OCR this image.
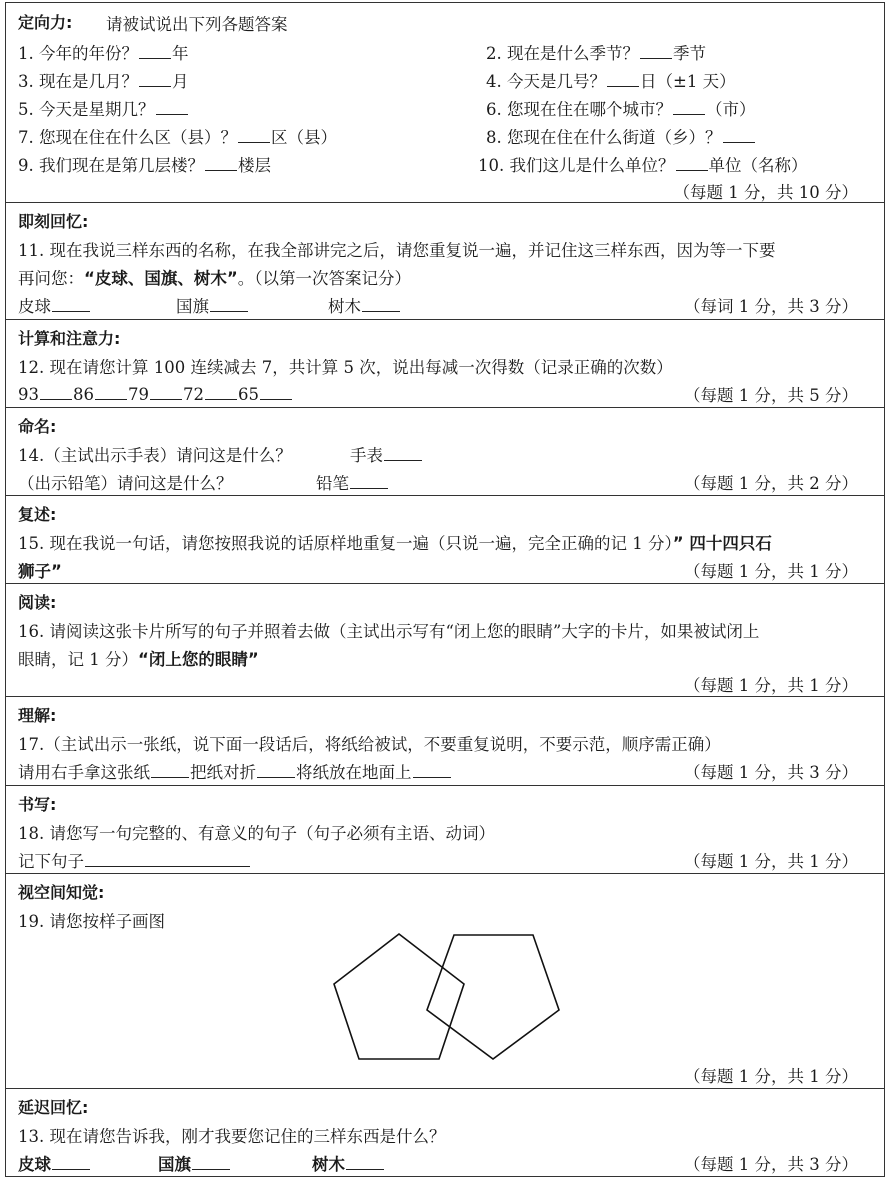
定向力: 请被试说出下列各题答案
1. 今年的年份？ 年	2. 现在是什么季节？ 季节
3. 现在是几月？ 月	4. 今天是几号？ 日（±1 天）
5. 今天是星期几？	6. 您现在住在哪个城市？ （市）
7. 您现在住在什么区（县）？ 区（县）	8. 您现在住在什么街道（乡）？
9. 我们现在是第几层楼？ 楼层	10. 我们这儿是什么单位？ 单位（名称）
（每题 1 分，共 10 分）
即刻回忆:
11. 现在我说三样东西的名称，在我全部讲完之后，请您重复说一遍，并记住这三样东西，因为等一下要
再问您：“皮球、国旗、树木”。（以第一次答案记分）
皮球	国旗	树木	（每词 1 分，共 3 分）
计算和注意力:
12. 现在请您计算 100 连续减去 7，共计算 5 次，说出每减一次得数（记录正确的次数）
93 86 79 72 65	（每题 1 分，共 5 分）
命名:
14.（主试出示手表）请问这是什么？	手表
（出示铅笔）请问这是什么？	铅笔	（每题 1 分，共 2 分）
复述:
15. 现在我说一句话，请您按照我说的话原样地重复一遍（只说一遍，完全正确的记 1 分）” 四十四只石
狮子”	（每题 1 分，共 1 分）
阅读:
16. 请阅读这张卡片所写的句子并照着去做（主试出示写有“闭上您的眼睛”大字的卡片，如果被试闭上
眼睛，记 1 分）“闭上您的眼睛”
（每题 1 分，共 1 分）
理解:
17.（主试出示一张纸，说下面一段话后，将纸给被试，不要重复说明，不要示范，顺序需正确）
请用右手拿这张纸 把纸对折 将纸放在地面上	（每题 1 分，共 3 分）
书写:
18. 请您写一句完整的、有意义的句子（句子必须有主语、动词）
记下句子	（每题 1 分，共 1 分）
视空间知觉:
19. 请您按样子画图
（每题 1 分，共 1 分）
延迟回忆:
13. 现在请您告诉我，刚才我要您记住的三样东西是什么？
皮球	国旗	树木	（每题 1 分，共 3 分）
